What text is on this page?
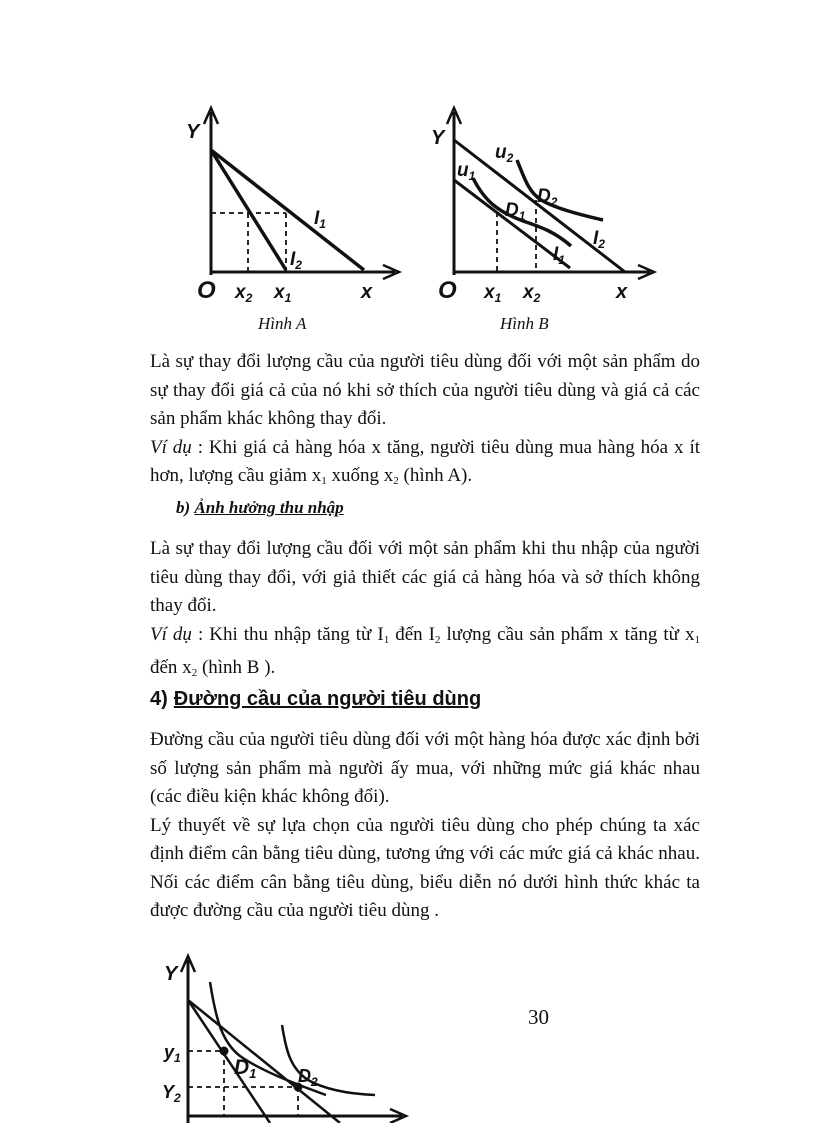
Y
O $x_2$ $x_1$	x
$I_1$
$I_2$
Hình A
Y
O $x_1$ $x_2$	x
$u_1$
$u_2$
$D_1$
$D_2$
$I_2$
$I_1$
Hình B

Là sự thay đổi lượng cầu của người tiêu dùng đối với một sản phẩm do sự thay đổi giá cả của nó khi sở thích của người tiêu dùng và giá cả các sản phẩm khác không thay đổi.

Ví dụ : Khi giá cả hàng hóa x tăng, người tiêu dùng mua hàng hóa x ít hơn, lượng cầu giảm $x_1$ xuống $x_2$ (hình A).

b) Ảnh hưởng thu nhập

Là sự thay đổi lượng cầu đối với một sản phẩm khi thu nhập của người tiêu dùng thay đổi, với giả thiết các giá cả hàng hóa và sở thích không thay đổi.

Ví dụ : Khi thu nhập tăng từ $I_1$ đến $I_2$ lượng cầu sản phẩm x tăng từ $x_1$ đến $x_2$ (hình B ).

4) Đường cầu của người tiêu dùng

Đường cầu của người tiêu dùng đối với một hàng hóa được xác định bởi số lượng sản phẩm mà người ấy mua, với những mức giá khác nhau (các điều kiện khác không đổi).

Lý thuyết về sự lựa chọn của người tiêu dùng cho phép chúng ta xác định điểm cân bằng tiêu dùng, tương ứng với các mức giá cả khác nhau. Nối các điểm cân bằng tiêu dùng, biểu diễn nó dưới hình thức khác ta được đường cầu của người tiêu dùng .

Y
$y_1$
$Y_2$
D1 $D_2$
30
